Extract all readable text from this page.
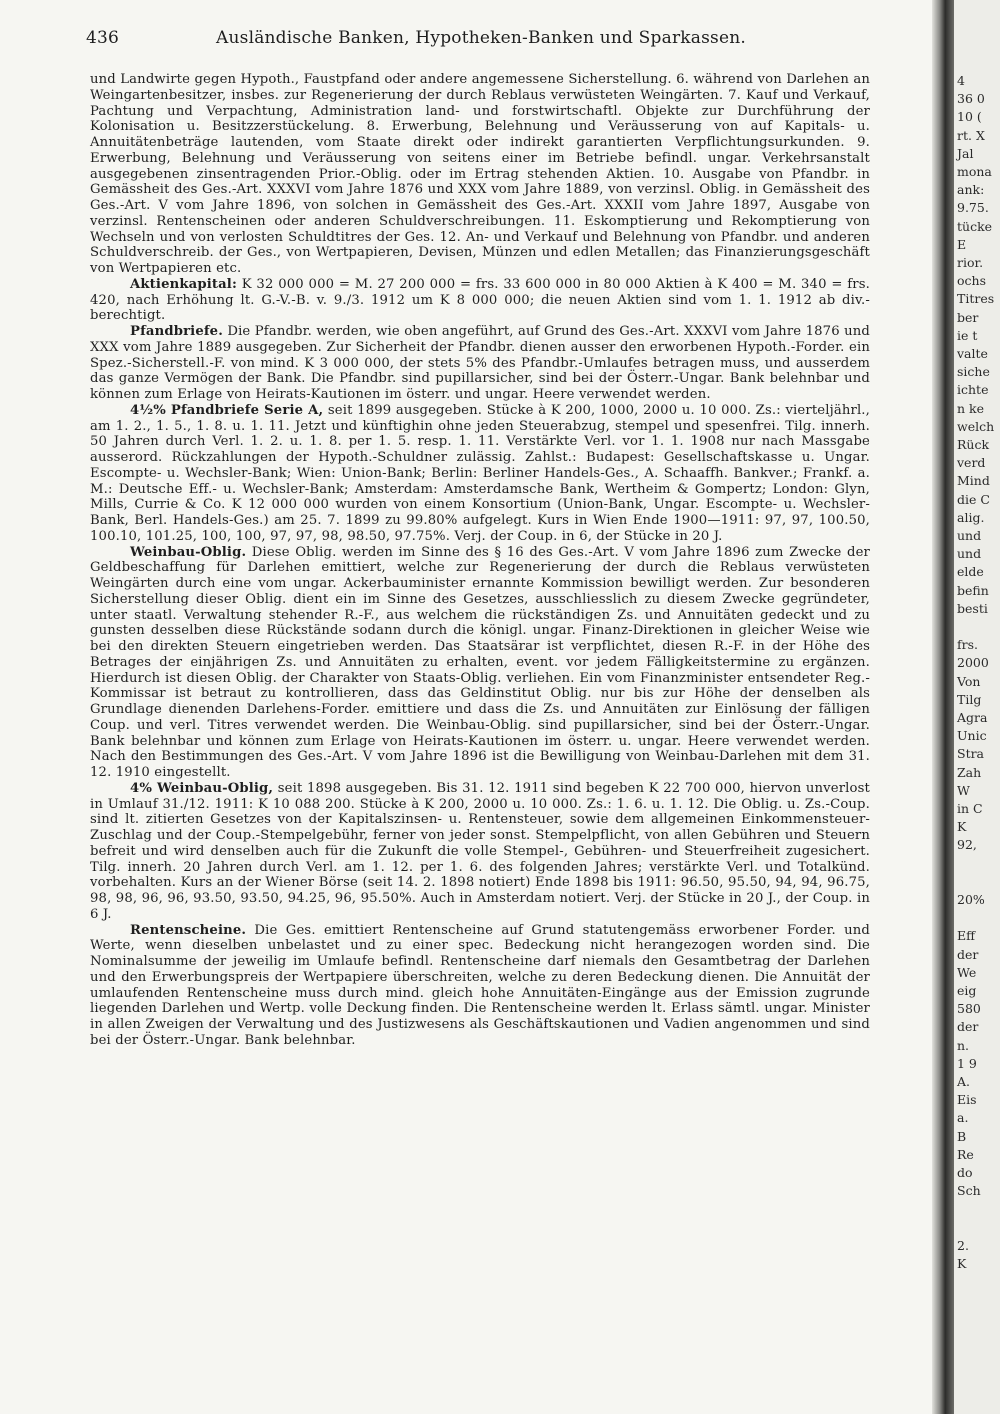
436	Ausländische Banken, Hypotheken-Banken und Sparkassen.

und Landwirte gegen Hypoth., Faustpfand oder andere angemessene Sicherstellung. 6. während von Darlehen an Weingartenbesitzer, insbes. zur Regenerierung der durch Reblaus verwüsteten Weingärten. 7. Kauf und Verkauf, Pachtung und Verpachtung, Administration land- und forstwirtschaftl. Objekte zur Durchführung der Kolonisation u. Besitzzerstückelung. 8. Erwerbung, Belehnung und Veräusserung von auf Kapitals- u. Annuitätenbeträge lautenden, vom Staate direkt oder indirekt garantierten Verpflichtungsurkunden. 9. Erwerbung, Belehnung und Veräusserung von seitens einer im Betriebe befindl. ungar. Verkehrsanstalt ausgegebenen zinsentragenden Prior.-Oblig. oder im Ertrag stehenden Aktien. 10. Ausgabe von Pfandbr. in Gemässheit des Ges.-Art. XXXVI vom Jahre 1876 und XXX vom Jahre 1889, von verzinsl. Oblig. in Gemässheit des Ges.-Art. V vom Jahre 1896, von solchen in Gemässheit des Ges.-Art. XXXII vom Jahre 1897, Ausgabe von verzinsl. Rentenscheinen oder anderen Schuldverschreibungen. 11. Eskomptierung und Rekomptierung von Wechseln und von verlosten Schuldtitres der Ges. 12. An- und Verkauf und Belehnung von Pfandbr. und anderen Schuldverschreib. der Ges., von Wertpapieren, Devisen, Münzen und edlen Metallen; das Finanzierungsgeschäft von Wertpapieren etc.

Aktienkapital: K 32 000 000 = M. 27 200 000 = frs. 33 600 000 in 80 000 Aktien à K 400 = M. 340 = frs. 420, nach Erhöhung lt. G.-V.-B. v. 9./3. 1912 um K 8 000 000; die neuen Aktien sind vom 1. 1. 1912 ab div.-berechtigt.

Pfandbriefe. Die Pfandbr. werden, wie oben angeführt, auf Grund des Ges.-Art. XXXVI vom Jahre 1876 und XXX vom Jahre 1889 ausgegeben. Zur Sicherheit der Pfandbr. dienen ausser den erworbenen Hypoth.-Forder. ein Spez.-Sicherstell.-F. von mind. K 3 000 000, der stets 5% des Pfandbr.-Umlaufes betragen muss, und ausserdem das ganze Vermögen der Bank. Die Pfandbr. sind pupillarsicher, sind bei der Österr.-Ungar. Bank belehnbar und können zum Erlage von Heirats-Kautionen im österr. und ungar. Heere verwendet werden.

4½% Pfandbriefe Serie A, seit 1899 ausgegeben. Stücke à K 200, 1000, 2000 u. 10 000. Zs.: vierteljährl., am 1. 2., 1. 5., 1. 8. u. 1. 11. Jetzt und künftighin ohne jeden Steuerabzug, stempel und spesenfrei. Tilg. innerh. 50 Jahren durch Verl. 1. 2. u. 1. 8. per 1. 5. resp. 1. 11. Verstärkte Verl. vor 1. 1. 1908 nur nach Massgabe ausserord. Rückzahlungen der Hypoth.-Schuldner zulässig. Zahlst.: Budapest: Gesellschaftskasse u. Ungar. Escompte- u. Wechsler-Bank; Wien: Union-Bank; Berlin: Berliner Handels-Ges., A. Schaaffh. Bankver.; Frankf. a. M.: Deutsche Eff.- u. Wechsler-Bank; Amsterdam: Amsterdamsche Bank, Wertheim & Gompertz; London: Glyn, Mills, Currie & Co. K 12 000 000 wurden von einem Konsortium (Union-Bank, Ungar. Escompte- u. Wechsler-Bank, Berl. Handels-Ges.) am 25. 7. 1899 zu 99.80% aufgelegt. Kurs in Wien Ende 1900—1911: 97, 97, 100.50, 100.10, 101.25, 100, 100, 97, 97, 98, 98.50, 97.75%. Verj. der Coup. in 6, der Stücke in 20 J.

Weinbau-Oblig. Diese Oblig. werden im Sinne des § 16 des Ges.-Art. V vom Jahre 1896 zum Zwecke der Geldbeschaffung für Darlehen emittiert, welche zur Regenerierung der durch die Reblaus verwüsteten Weingärten durch eine vom ungar. Ackerbauminister ernannte Kommission bewilligt werden. Zur besonderen Sicherstellung dieser Oblig. dient ein im Sinne des Gesetzes, ausschliesslich zu diesem Zwecke gegründeter, unter staatl. Verwaltung stehender R.-F., aus welchem die rückständigen Zs. und Annuitäten gedeckt und zu gunsten desselben diese Rückstände sodann durch die königl. ungar. Finanz-Direktionen in gleicher Weise wie bei den direkten Steuern eingetrieben werden. Das Staatsärar ist verpflichtet, diesen R.-F. in der Höhe des Betrages der einjährigen Zs. und Annuitäten zu erhalten, event. vor jedem Fälligkeitstermine zu ergänzen. Hierdurch ist diesen Oblig. der Charakter von Staats-Oblig. verliehen. Ein vom Finanzminister entsendeter Reg.-Kommissar ist betraut zu kontrollieren, dass das Geldinstitut Oblig. nur bis zur Höhe der denselben als Grundlage dienenden Darlehens-Forder. emittiere und dass die Zs. und Annuitäten zur Einlösung der fälligen Coup. und verl. Titres verwendet werden. Die Weinbau-Oblig. sind pupillarsicher, sind bei der Österr.-Ungar. Bank belehnbar und können zum Erlage von Heirats-Kautionen im österr. u. ungar. Heere verwendet werden. Nach den Bestimmungen des Ges.-Art. V vom Jahre 1896 ist die Bewilligung von Weinbau-Darlehen mit dem 31. 12. 1910 eingestellt.

4% Weinbau-Oblig, seit 1898 ausgegeben. Bis 31. 12. 1911 sind begeben K 22 700 000, hiervon unverlost in Umlauf 31./12. 1911: K 10 088 200. Stücke à K 200, 2000 u. 10 000. Zs.: 1. 6. u. 1. 12. Die Oblig. u. Zs.-Coup. sind lt. zitierten Gesetzes von der Kapitalszinsen- u. Rentensteuer, sowie dem allgemeinen Einkommensteuer-Zuschlag und der Coup.-Stempelgebühr, ferner von jeder sonst. Stempelpflicht, von allen Gebühren und Steuern befreit und wird denselben auch für die Zukunft die volle Stempel-, Gebühren- und Steuerfreiheit zugesichert. Tilg. innerh. 20 Jahren durch Verl. am 1. 12. per 1. 6. des folgenden Jahres; verstärkte Verl. und Totalkünd. vorbehalten. Kurs an der Wiener Börse (seit 14. 2. 1898 notiert) Ende 1898 bis 1911: 96.50, 95.50, 94, 94, 96.75, 98, 98, 96, 96, 93.50, 93.50, 94.25, 96, 95.50%. Auch in Amsterdam notiert. Verj. der Stücke in 20 J., der Coup. in 6 J.

Rentenscheine. Die Ges. emittiert Rentenscheine auf Grund statutengemäss erworbener Forder. und Werte, wenn dieselben unbelastet und zu einer spec. Bedeckung nicht herangezogen worden sind. Die Nominalsumme der jeweilig im Umlaufe befindl. Rentenscheine darf niemals den Gesamtbetrag der Darlehen und den Erwerbungspreis der Wertpapiere überschreiten, welche zu deren Bedeckung dienen. Die Annuität der umlaufenden Rentenscheine muss durch mind. gleich hohe Annuitäten-Eingänge aus der Emission zugrunde liegenden Darlehen und Wertp. volle Deckung finden. Die Rentenscheine werden lt. Erlass sämtl. ungar. Minister in allen Zweigen der Verwaltung und des Justizwesens als Geschäftskautionen und Vadien angenommen und sind bei der Österr.-Ungar. Bank belehnbar.

4
36 0
10 (
rt. X
Jal
mona
ank:
9.75.
tücke
E
rior.
ochs
Titres
ber
ie t
valte
siche
ichte
n ke
welch
Rück
verd
Mind
die C
alig.
und
und
elde
befin
besti
frs.
2000
Von
Tilg
Agra
Unic
Stra
Zah
W
in C
K
92,
20%
Eff
der
We
eig
580
der
n.
1 9
A.
Eis
a.
B
Re
do
Sch
2.
K
